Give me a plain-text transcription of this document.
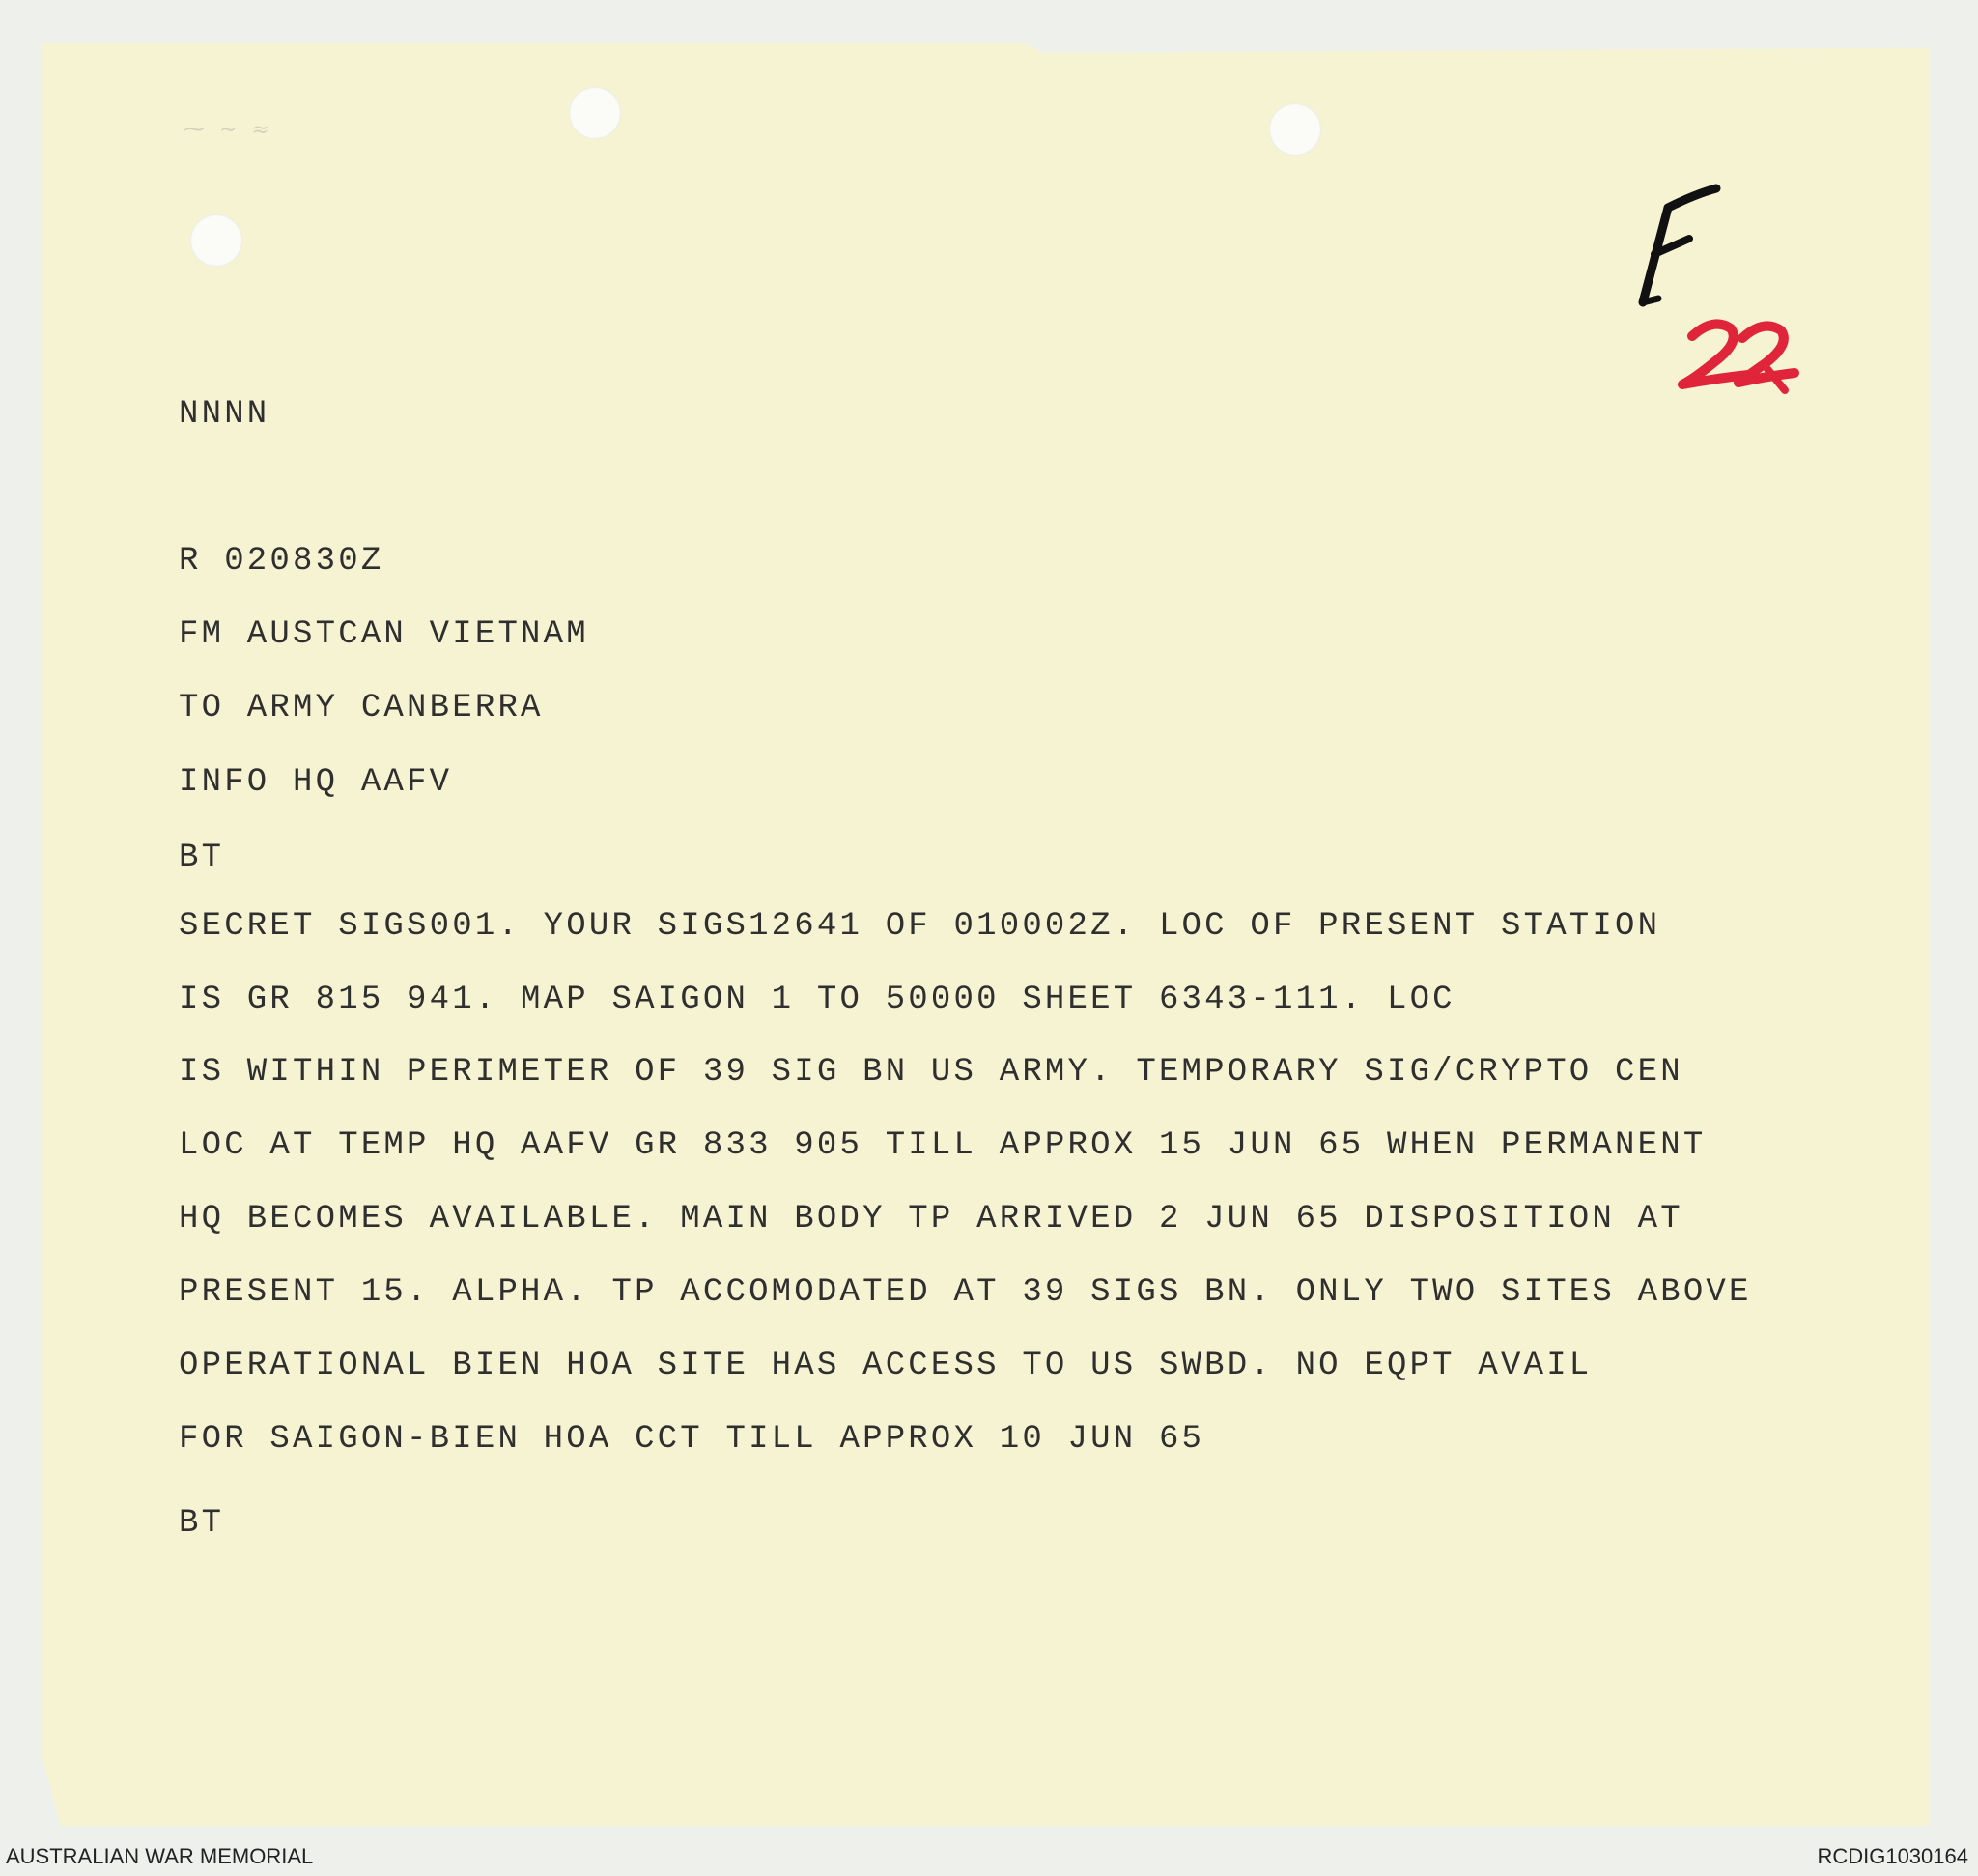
⁓ ∼ ≈
NNNN
R 020830Z
FM AUSTCAN VIETNAM
TO ARMY CANBERRA
INFO HQ AAFV
BT
SECRET SIGS001. YOUR SIGS12641 OF 010002Z. LOC OF PRESENT STATION
IS GR 815 941. MAP SAIGON 1 TO 50000 SHEET 6343-111. LOC
IS WITHIN PERIMETER OF 39 SIG BN US ARMY. TEMPORARY SIG/CRYPTO CEN
LOC AT TEMP HQ AAFV GR 833 905 TILL APPROX 15 JUN 65 WHEN PERMANENT
HQ BECOMES AVAILABLE. MAIN BODY TP ARRIVED 2 JUN 65 DISPOSITION AT
PRESENT 15. ALPHA. TP ACCOMODATED AT 39 SIGS BN. ONLY TWO SITES ABOVE
OPERATIONAL BIEN HOA SITE HAS ACCESS TO US SWBD. NO EQPT AVAIL
FOR SAIGON-BIEN HOA CCT TILL APPROX 10 JUN 65
BT
AUSTRALIAN WAR MEMORIAL	RCDIG1030164
